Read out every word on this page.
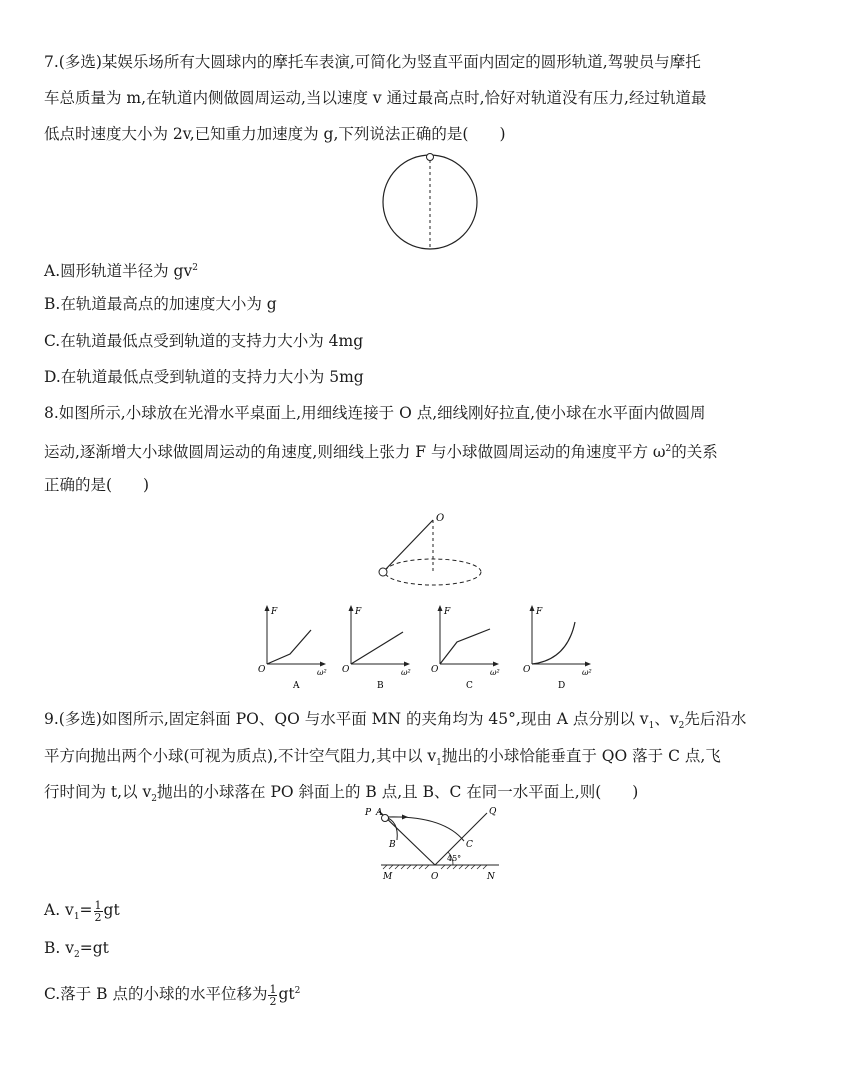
7.(多选)某娱乐场所有大圆球内的摩托车表演,可简化为竖直平面内固定的圆形轨道,驾驶员与摩托
车总质量为 m,在轨道内侧做圆周运动,当以速度 v 通过最高点时,恰好对轨道没有压力,经过轨道最
低点时速度大小为 2v,已知重力加速度为 g,下列说法正确的是(　　)
A.圆形轨道半径为 $gv^2$
B.在轨道最高点的加速度大小为 g
C.在轨道最低点受到轨道的支持力大小为 4mg
D.在轨道最低点受到轨道的支持力大小为 5mg
8.如图所示,小球放在光滑水平桌面上,用细线连接于 O 点,细线刚好拉直,使小球在水平面内做圆周
运动,逐渐增大小球做圆周运动的角速度,则细线上张力 F 与小球做圆周运动的角速度平方 $\omega^2$的关系
正确的是(　　)
O
F
O	ω²
A
F
O	ω²
B
F
O	ω²
C
F
O	ω²
D
9.(多选)如图所示,固定斜面 PO、QO 与水平面 MN 的夹角均为 45°,现由 A 点分别以 $v_1$、$v_2$先后沿水
平方向抛出两个小球(可视为质点),不计空气阻力,其中以 $v_1$抛出的小球恰能垂直于 QO 落于 C 点,飞
行时间为 t,以 $v_2$抛出的小球落在 PO 斜面上的 B 点,且 B、C 在同一水平面上,则(　　)
P A	Q
B	C
45°
M	O	N
A. $v_1= \frac{1}{2}$ gt
B. $v_2=gt$
C.落于 B 点的小球的水平位移为 $\frac{1}{2} gt^2$
